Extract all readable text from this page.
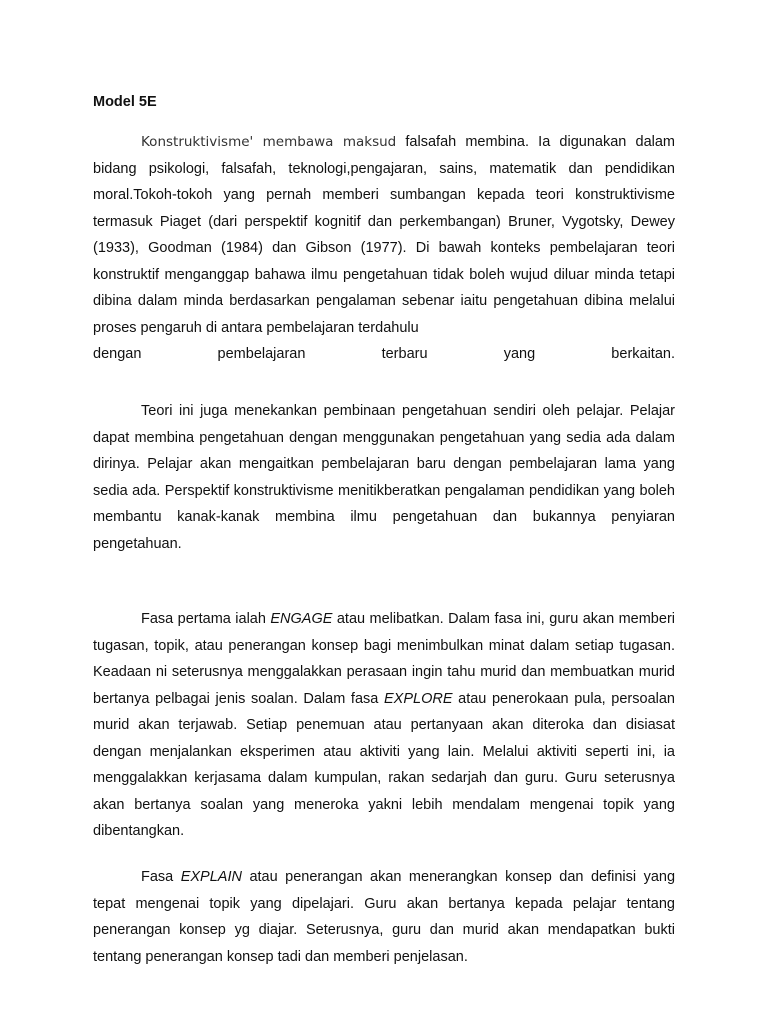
Model 5E

Konstruktivisme' membawa maksud falsafah membina. Ia digunakan dalam bidang psikologi, falsafah, teknologi,pengajaran, sains, matematik dan pendidikan moral.Tokoh-tokoh yang pernah memberi sumbangan kepada teori konstruktivisme termasuk Piaget (dari perspektif kognitif dan perkembangan) Bruner, Vygotsky, Dewey (1933), Goodman (1984) dan Gibson (1977). Di bawah konteks pembelajaran teori konstruktif menganggap bahawa ilmu pengetahuan tidak boleh wujud diluar minda tetapi dibina dalam minda berdasarkan pengalaman sebenar iaitu pengetahuan dibina melalui proses pengaruh di antara pembelajaran terdahulu
dengan pembelajaran terbaru yang berkaitan.

Teori ini juga menekankan pembinaan pengetahuan sendiri oleh pelajar. Pelajar dapat membina pengetahuan dengan menggunakan pengetahuan yang sedia ada dalam dirinya. Pelajar akan mengaitkan pembelajaran baru dengan pembelajaran lama yang sedia ada. Perspektif konstruktivisme menitikberatkan pengalaman pendidikan yang boleh membantu kanak-kanak membina ilmu pengetahuan dan bukannya penyiaran pengetahuan.

Fasa pertama ialah ENGAGE atau melibatkan. Dalam fasa ini, guru akan memberi tugasan, topik, atau penerangan konsep bagi menimbulkan minat dalam setiap tugasan. Keadaan ni seterusnya menggalakkan perasaan ingin tahu murid dan membuatkan murid bertanya pelbagai jenis soalan. Dalam fasa EXPLORE atau penerokaan pula, persoalan murid akan terjawab. Setiap penemuan atau pertanyaan akan diteroka dan disiasat dengan menjalankan eksperimen atau aktiviti yang lain. Melalui aktiviti seperti ini, ia menggalakkan kerjasama dalam kumpulan, rakan sedarjah dan guru. Guru seterusnya akan bertanya soalan yang meneroka yakni lebih mendalam mengenai topik yang dibentangkan.

Fasa EXPLAIN atau penerangan akan menerangkan konsep dan definisi yang tepat mengenai topik yang dipelajari. Guru akan bertanya kepada pelajar tentang penerangan konsep yg diajar. Seterusnya, guru dan murid akan mendapatkan bukti tentang penerangan konsep tadi dan memberi penjelasan.
